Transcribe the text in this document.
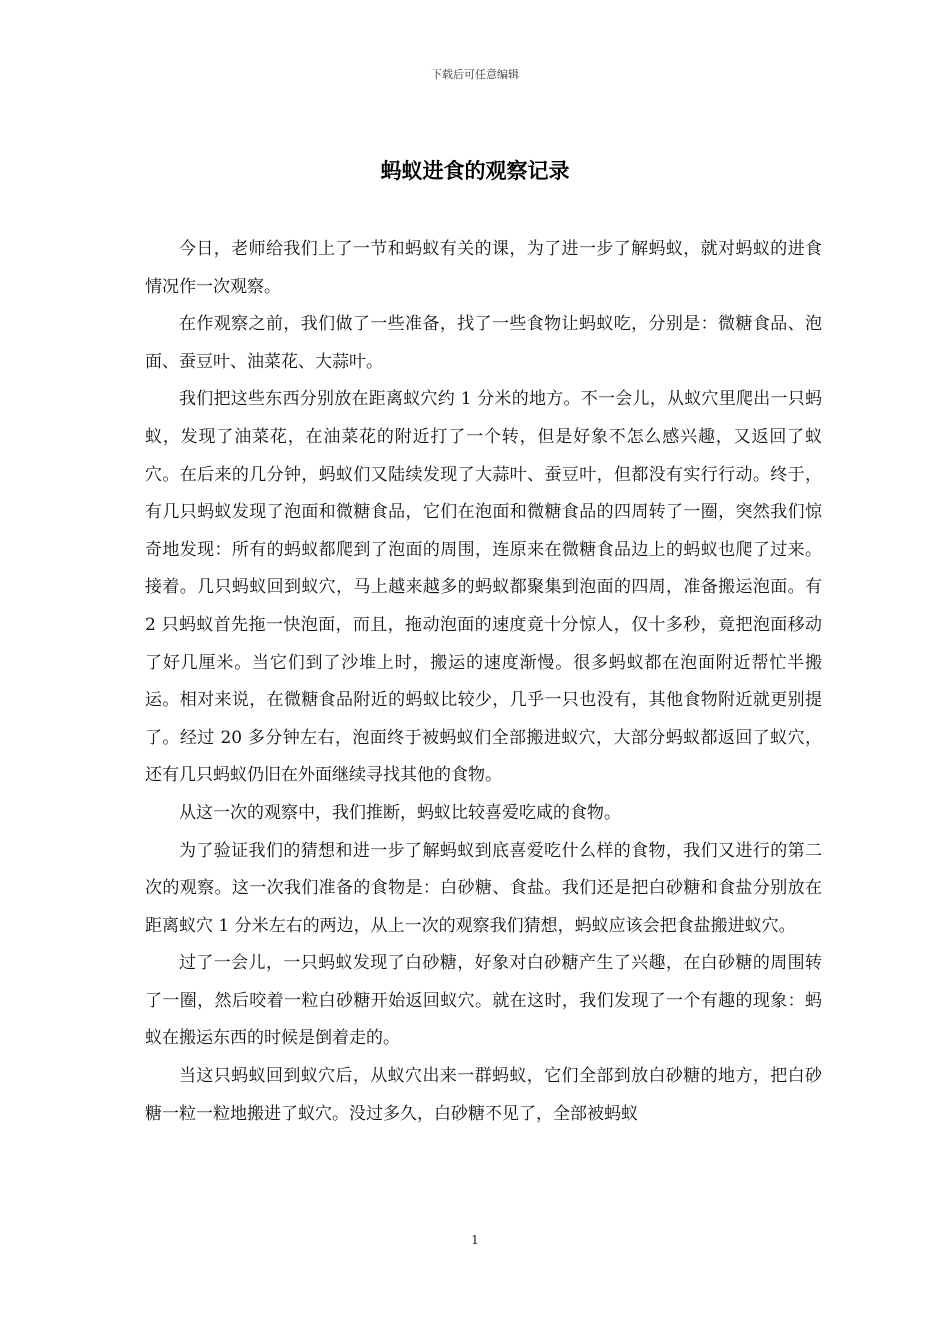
下载后可任意编辑
蚂蚁进食的观察记录

今日，老师给我们上了一节和蚂蚁有关的课，为了进一步了解蚂蚁，就对蚂蚁的进食情况作一次观察。

在作观察之前，我们做了一些准备，找了一些食物让蚂蚁吃，分别是：微糖食品、泡面、蚕豆叶、油菜花、大蒜叶。

我们把这些东西分别放在距离蚁穴约 1 分米的地方。不一会儿，从蚁穴里爬出一只蚂蚁，发现了油菜花，在油菜花的附近打了一个转，但是好象不怎么感兴趣，又返回了蚁穴。在后来的几分钟，蚂蚁们又陆续发现了大蒜叶、蚕豆叶，但都没有实行行动。终于，有几只蚂蚁发现了泡面和微糖食品，它们在泡面和微糖食品的四周转了一圈，突然我们惊奇地发现：所有的蚂蚁都爬到了泡面的周围，连原来在微糖食品边上的蚂蚁也爬了过来。接着。几只蚂蚁回到蚁穴，马上越来越多的蚂蚁都聚集到泡面的四周，准备搬运泡面。有 2 只蚂蚁首先拖一快泡面，而且，拖动泡面的速度竟十分惊人，仅十多秒，竟把泡面移动了好几厘米。当它们到了沙堆上时，搬运的速度渐慢。很多蚂蚁都在泡面附近帮忙半搬运。相对来说，在微糖食品附近的蚂蚁比较少，几乎一只也没有，其他食物附近就更别提了。经过 20 多分钟左右，泡面终于被蚂蚁们全部搬进蚁穴，大部分蚂蚁都返回了蚁穴，还有几只蚂蚁仍旧在外面继续寻找其他的食物。

从这一次的观察中，我们推断，蚂蚁比较喜爱吃咸的食物。

为了验证我们的猜想和进一步了解蚂蚁到底喜爱吃什么样的食物，我们又进行的第二次的观察。这一次我们准备的食物是：白砂糖、食盐。我们还是把白砂糖和食盐分别放在距离蚁穴 1 分米左右的两边，从上一次的观察我们猜想，蚂蚁应该会把食盐搬进蚁穴。

过了一会儿，一只蚂蚁发现了白砂糖，好象对白砂糖产生了兴趣，在白砂糖的周围转了一圈，然后咬着一粒白砂糖开始返回蚁穴。就在这时，我们发现了一个有趣的现象：蚂蚁在搬运东西的时候是倒着走的。

当这只蚂蚁回到蚁穴后，从蚁穴出来一群蚂蚁，它们全部到放白砂糖的地方，把白砂糖一粒一粒地搬进了蚁穴。没过多久，白砂糖不见了，全部被蚂蚁

1
